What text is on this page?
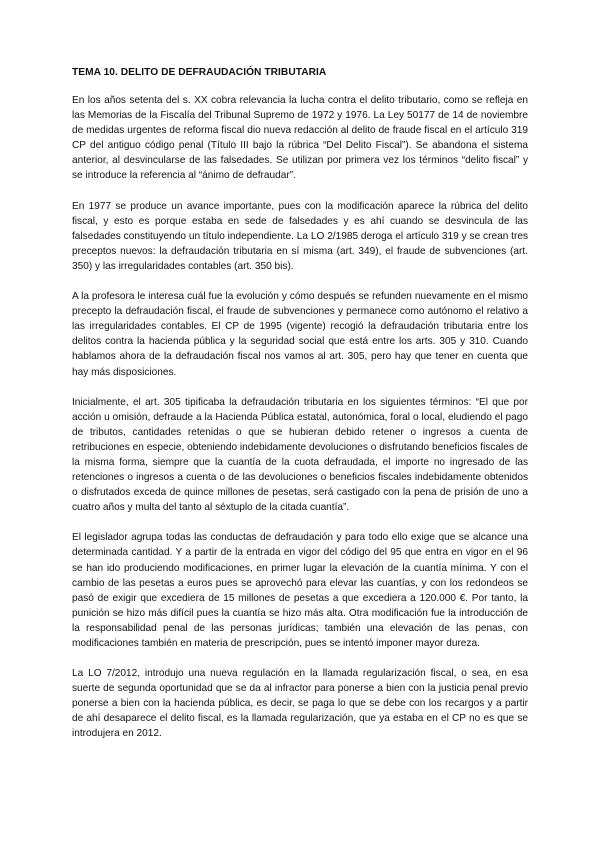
TEMA 10. DELITO DE DEFRAUDACIÓN TRIBUTARIA

En los años setenta del s. XX cobra relevancia la lucha contra el delito tributario, como se refleja en las Memorias de la Fiscalía del Tribunal Supremo de 1972 y 1976. La Ley 50177 de 14 de noviembre de medidas urgentes de reforma fiscal dio nueva redacción al delito de fraude fiscal en el artículo 319 CP del antiguo código penal (Título III bajo la rúbrica “Del Delito Fiscal”). Se abandona el sistema anterior, al desvincularse de las falsedades. Se utilizan por primera vez los términos “delito fiscal” y se introduce la referencia al “ánimo de defraudar”.

En 1977 se produce un avance importante, pues con la modificación aparece la rúbrica del delito fiscal, y esto es porque estaba en sede de falsedades y es ahí cuando se desvincula de las falsedades constituyendo un título independiente. La LO 2/1985 deroga el artículo 319 y se crean tres preceptos nuevos: la defraudación tributaria en sí misma (art. 349), el fraude de subvenciones (art. 350) y las irregularidades contables (art. 350 bis).

A la profesora le interesa cuál fue la evolución y cómo después se refunden nuevamente en el mismo precepto la defraudación fiscal, el fraude de subvenciones y permanece como autónomo el relativo a las irregularidades contables. El CP de 1995 (vigente) recogió la defraudación tributaria entre los delitos contra la hacienda pública y la seguridad social que está entre los arts. 305 y 310. Cuando hablamos ahora de la defraudación fiscal nos vamos al art. 305, pero hay que tener en cuenta que hay más disposiciones.

Inicialmente, el art. 305 tipificaba la defraudación tributaria en los siguientes términos: “El que por acción u omisión, defraude a la Hacienda Pública estatal, autonómica, foral o local, eludiendo el pago de tributos, cantidades retenidas o que se hubieran debido retener o ingresos a cuenta de retribuciones en especie, obteniendo indebidamente devoluciones o disfrutando beneficios fiscales de la misma forma, siempre que la cuantía de la cuota defraudada, el importe no ingresado de las retenciones o ingresos a cuenta o de las devoluciones o beneficios fiscales indebidamente obtenidos o disfrutados exceda de quince millones de pesetas, será castigado con la pena de prisión de uno a cuatro años y multa del tanto al séxtuplo de la citada cuantía”.

El legislador agrupa todas las conductas de defraudación y para todo ello exige que se alcance una determinada cantidad. Y a partir de la entrada en vigor del código del 95 que entra en vigor en el 96 se han ido produciendo modificaciones, en primer lugar la elevación de la cuantía mínima. Y con el cambio de las pesetas a euros pues se aprovechó para elevar las cuantías, y con los redondeos se pasó de exigir que excediera de 15 millones de pesetas a que excediera a 120.000 €. Por tanto, la punición se hizo más difícil pues la cuantía se hizo más alta. Otra modificación fue la introducción de la responsabilidad penal de las personas jurídicas; también una elevación de las penas, con modificaciones también en materia de prescripción, pues se intentó imponer mayor dureza.

La LO 7/2012, introdujo una nueva regulación en la llamada regularización fiscal, o sea, en esa suerte de segunda oportunidad que se da al infractor para ponerse a bien con la justicia penal previo ponerse a bien con la hacienda pública, es decir, se paga lo que se debe con los recargos y a partir de ahí desaparece el delito fiscal, es la llamada regularización, que ya estaba en el CP no es que se introdujera en 2012.
